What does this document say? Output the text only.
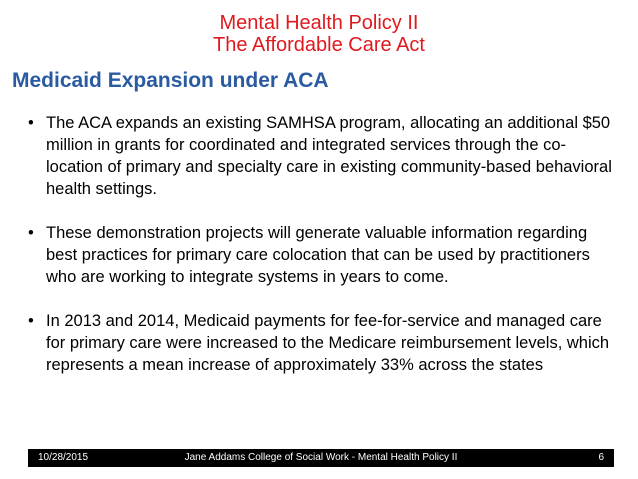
Mental Health Policy II
The Affordable Care Act
Medicaid Expansion under ACA
• The ACA expands an existing SAMHSA program, allocating an additional $50 million in grants for coordinated and integrated services through the co-location of primary and specialty care in existing community-based behavioral health settings.
• These demonstration projects will generate valuable information regarding best practices for primary care colocation that can be used by practitioners who are working to integrate systems in years to come.
• In 2013 and 2014, Medicaid payments for fee-for-service and managed care for primary care were increased to the Medicare reimbursement levels, which represents a mean increase of approximately 33% across the states
Jane Addams College of Social Work - Mental Health Policy II
10/28/2015	6
